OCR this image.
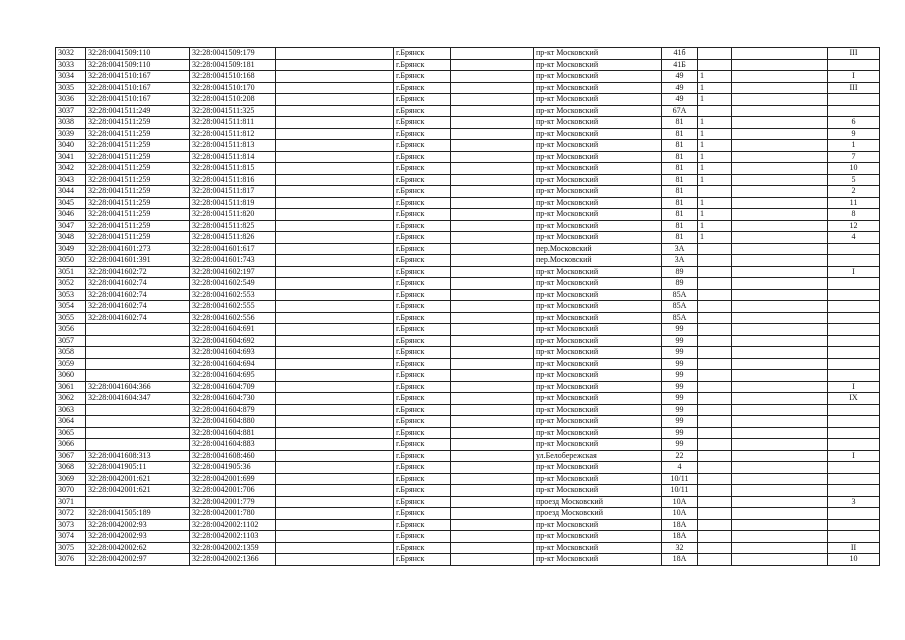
3032	32:28:0041509:110	32:28:0041509:179		г.Брянск		пр-кт Московский	41б			III
3033	32:28:0041509:110	32:28:0041509:181		г.Брянск		пр-кт Московский	41Б			
3034	32:28:0041510:167	32:28:0041510:168		г.Брянск		пр-кт Московский	49	1		I
3035	32:28:0041510:167	32:28:0041510:170		г.Брянск		пр-кт Московский	49	1		III
3036	32:28:0041510:167	32:28:0041510:208		г.Брянск		пр-кт Московский	49	1		
3037	32:28:0041511:249	32:28:0041511:325		г.Брянск		пр-кт Московский	67А			
3038	32:28:0041511:259	32:28:0041511:811		г.Брянск		пр-кт Московский	81	1		6
3039	32:28:0041511:259	32:28:0041511:812		г.Брянск		пр-кт Московский	81	1		9
3040	32:28:0041511:259	32:28:0041511:813		г.Брянск		пр-кт Московский	81	1		1
3041	32:28:0041511:259	32:28:0041511:814		г.Брянск		пр-кт Московский	81	1		7
3042	32:28:0041511:259	32:28:0041511:815		г.Брянск		пр-кт Московский	81	1		10
3043	32:28:0041511:259	32:28:0041511:816		г.Брянск		пр-кт Московский	81	1		5
3044	32:28:0041511:259	32:28:0041511:817		г.Брянск		пр-кт Московский	81			2
3045	32:28:0041511:259	32:28:0041511:819		г.Брянск		пр-кт Московский	81	1		11
3046	32:28:0041511:259	32:28:0041511:820		г.Брянск		пр-кт Московский	81	1		8
3047	32:28:0041511:259	32:28:0041511:825		г.Брянск		пр-кт Московский	81	1		12
3048	32:28:0041511:259	32:28:0041511:826		г.Брянск		пр-кт Московский	81	1		4
3049	32:28:0041601:273	32:28:0041601:617		г.Брянск		пер.Московский	3А			
3050	32:28:0041601:391	32:28:0041601:743		г.Брянск		пер.Московский	3А			
3051	32:28:0041602:72	32:28:0041602:197		г.Брянск		пр-кт Московский	89			I
3052	32:28:0041602:74	32:28:0041602:549		г.Брянск		пр-кт Московский	89			
3053	32:28:0041602:74	32:28:0041602:553		г.Брянск		пр-кт Московский	85А			
3054	32:28:0041602:74	32:28:0041602:555		г.Брянск		пр-кт Московский	85А			
3055	32:28:0041602:74	32:28:0041602:556		г.Брянск		пр-кт Московский	85А			
3056		32:28:0041604:691		г.Брянск		пр-кт Московский	99			
3057		32:28:0041604:692		г.Брянск		пр-кт Московский	99			
3058		32:28:0041604:693		г.Брянск		пр-кт Московский	99			
3059		32:28:0041604:694		г.Брянск		пр-кт Московский	99			
3060		32:28:0041604:695		г.Брянск		пр-кт Московский	99			
3061	32:28:0041604:366	32:28:0041604:709		г.Брянск		пр-кт Московский	99			I
3062	32:28:0041604:347	32:28:0041604:730		г.Брянск		пр-кт Московский	99			IX
3063		32:28:0041604:879		г.Брянск		пр-кт Московский	99			
3064		32:28:0041604:880		г.Брянск		пр-кт Московский	99			
3065		32:28:0041604:881		г.Брянск		пр-кт Московский	99			
3066		32:28:0041604:883		г.Брянск		пр-кт Московский	99			
3067	32:28:0041608:313	32:28:0041608:460		г.Брянск		ул.Белобережская	22			I
3068	32:28:0041905:11	32:28:0041905:36		г.Брянск		пр-кт Московский	4			
3069	32:28:0042001:621	32:28:0042001:699		г.Брянск		пр-кт Московский	10/11			
3070	32:28:0042001:621	32:28:0042001:706		г.Брянск		пр-кт Московский	10/11			
3071		32:28:0042001:779		г.Брянск		проезд Московский	10А			3
3072	32:28:0041505:189	32:28:0042001:780		г.Брянск		проезд Московский	10А			
3073	32:28:0042002:93	32:28:0042002:1102		г.Брянск		пр-кт Московский	18А			
3074	32:28:0042002:93	32:28:0042002:1103		г.Брянск		пр-кт Московский	18А			
3075	32:28:0042002:62	32:28:0042002:1359		г.Брянск		пр-кт Московский	32			II
3076	32:28:0042002:97	32:28:0042002:1366		г.Брянск		пр-кт Московский	18А			10
